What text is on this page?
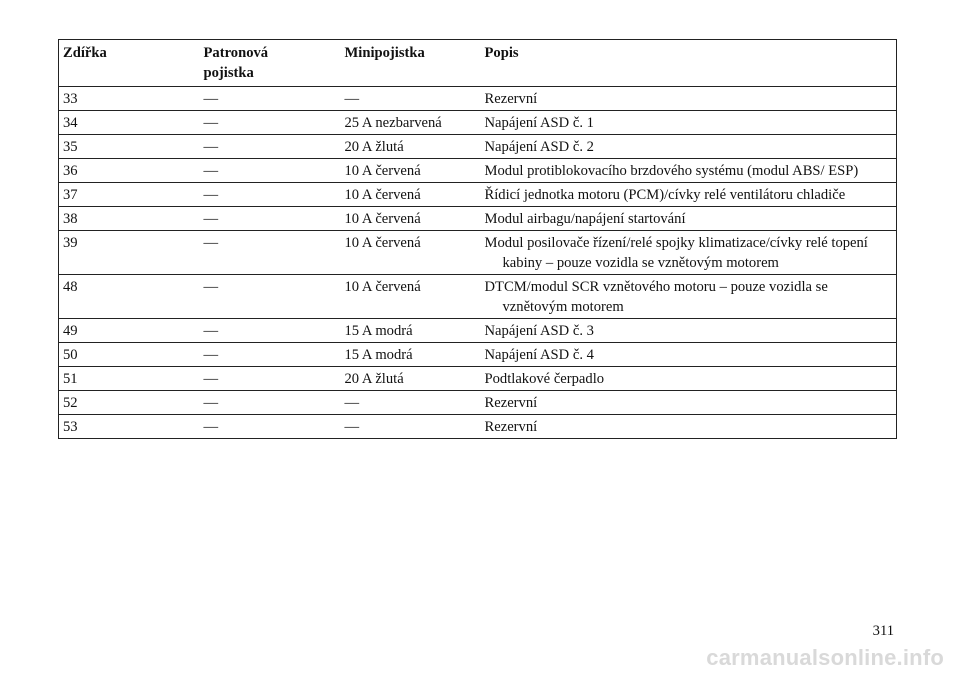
Zdířka	Patronová pojistka	Minipojistka	Popis
33	—	—	Rezervní

34	—	25 A nezbarvená	Napájení ASD č. 1

35	—	20 A žlutá	Napájení ASD č. 2

36	—	10 A červená	Modul protiblokovacího brzdového systému (modul ABS/ ESP)

37	—	10 A červená	Řídicí jednotka motoru (PCM)/cívky relé ventilátoru chladiče

38	—	10 A červená	Modul airbagu/napájení startování

39	—	10 A červená	Modul posilovače řízení/relé spojky klimatizace/cívky relé topení kabiny – pouze vozidla se vznětovým motorem

48	—	10 A červená	DTCM/modul SCR vznětového motoru – pouze vozidla se vznětovým motorem

49	—	15 A modrá	Napájení ASD č. 3

50	—	15 A modrá	Napájení ASD č. 4

51	—	20 A žlutá	Podtlakové čerpadlo

52	—	—	Rezervní

53	—	—	Rezervní
311
carmanualsonline.info
